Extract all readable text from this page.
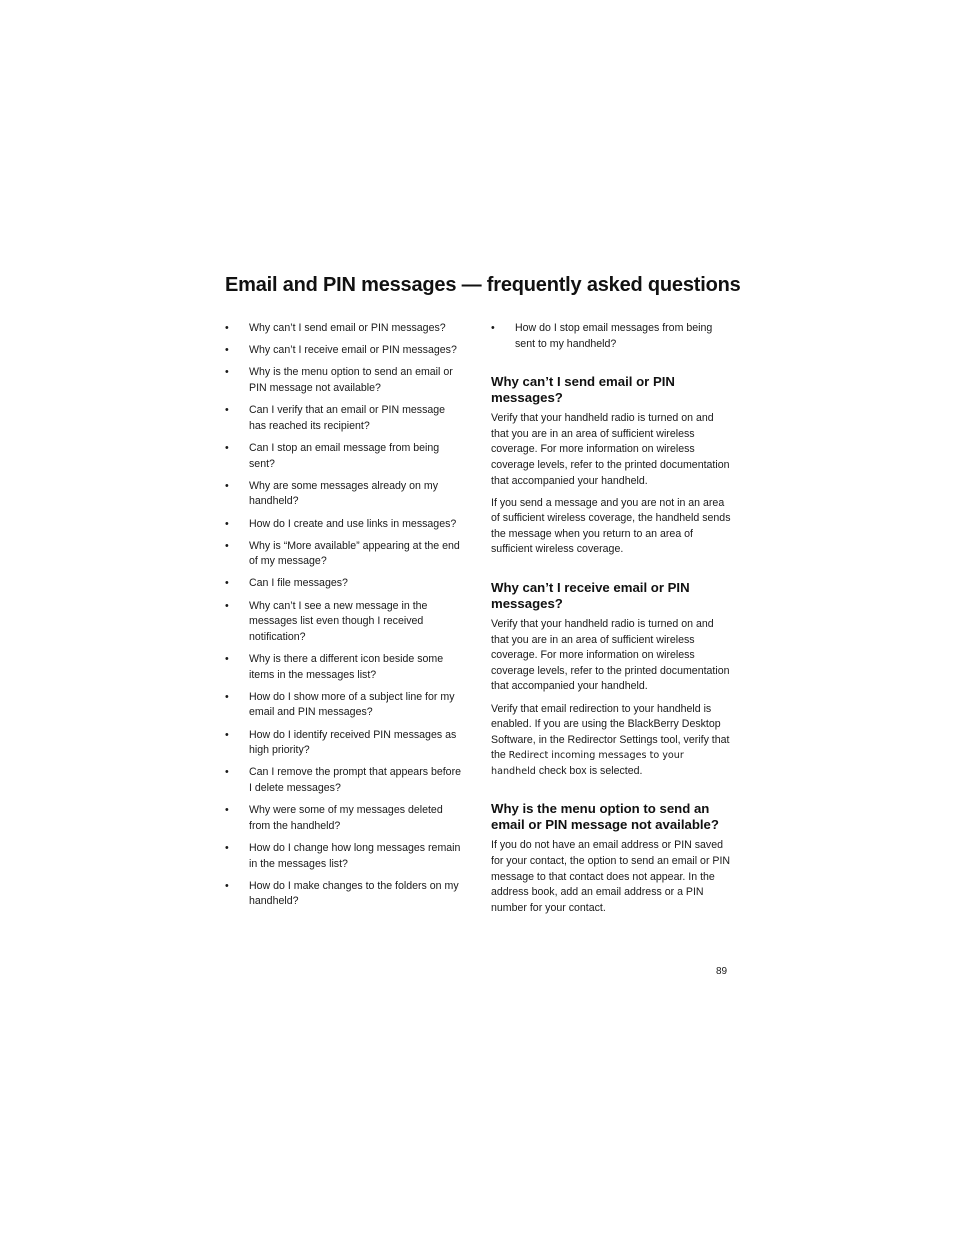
Email and PIN messages — frequently asked questions
• Why can’t I send email or PIN messages?
• Why can’t I receive email or PIN messages?
• Why is the menu option to send an email or PIN message not available?
• Can I verify that an email or PIN message has reached its recipient?
• Can I stop an email message from being sent?
• Why are some messages already on my handheld?
• How do I create and use links in messages?
• Why is “More available” appearing at the end of my message?
• Can I file messages?
• Why can’t I see a new message in the messages list even though I received notification?
• Why is there a different icon beside some items in the messages list?
• How do I show more of a subject line for my email and PIN messages?
• How do I identify received PIN messages as high priority?
• Can I remove the prompt that appears before I delete messages?
• Why were some of my messages deleted from the handheld?
• How do I change how long messages remain in the messages list?
• How do I make changes to the folders on my handheld?
• How do I stop email messages from being sent to my handheld?
Why can’t I send email or PIN messages?

Verify that your handheld radio is turned on and that you are in an area of sufficient wireless coverage. For more information on wireless coverage levels, refer to the printed documentation that accompanied your handheld.

If you send a message and you are not in an area of sufficient wireless coverage, the handheld sends the message when you return to an area of sufficient wireless coverage.

Why can’t I receive email or PIN messages?

Verify that your handheld radio is turned on and that you are in an area of sufficient wireless coverage. For more information on wireless coverage levels, refer to the printed documentation that accompanied your handheld.

Verify that email redirection to your handheld is enabled. If you are using the BlackBerry Desktop Software, in the Redirector Settings tool, verify that the Redirect incoming messages to your handheld check box is selected.

Why is the menu option to send an email or PIN message not available?

If you do not have an email address or PIN saved for your contact, the option to send an email or PIN message to that contact does not appear. In the address book, add an email address or a PIN number for your contact.

89
